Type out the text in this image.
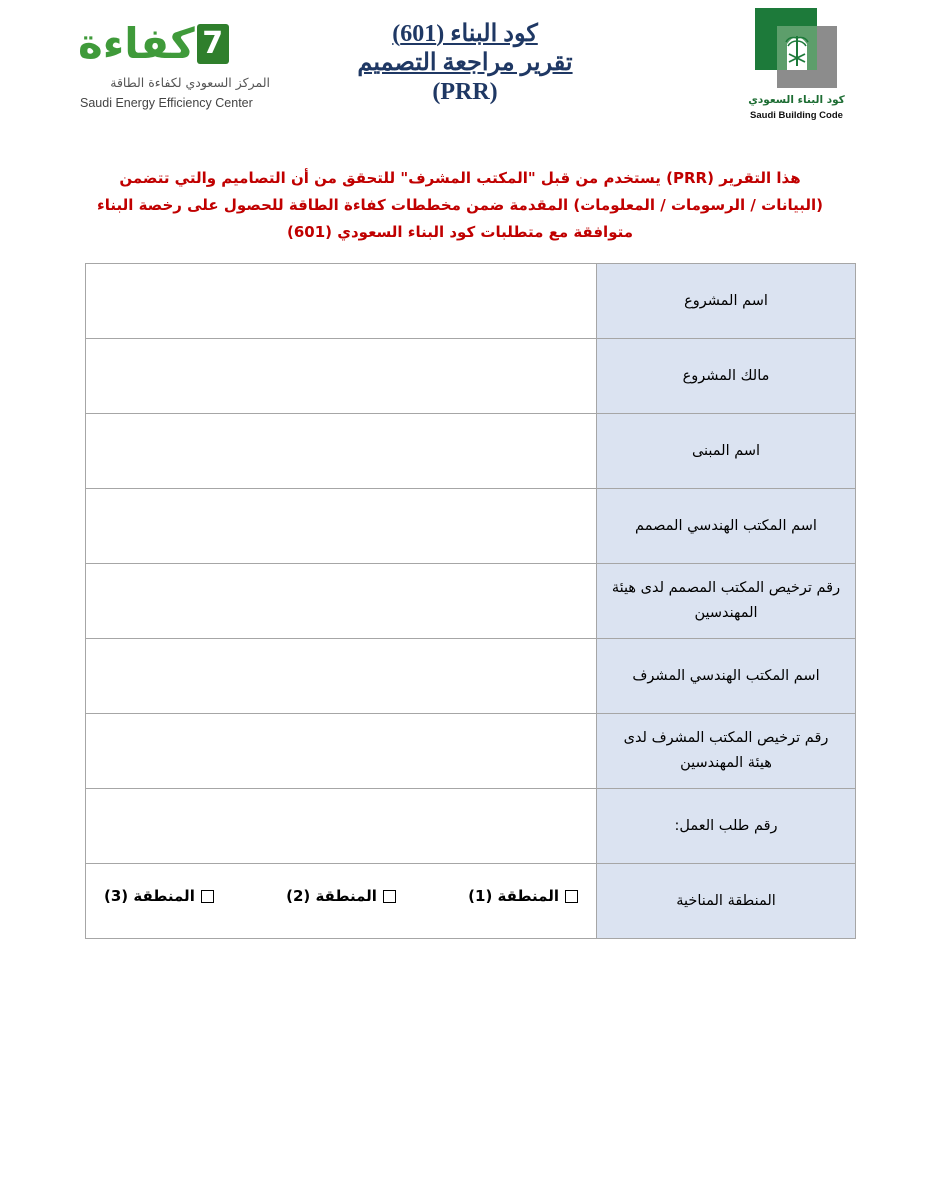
7
كفاءة
المركز السعودي لكفاءة الطاقة
Saudi Energy Efficiency Center
كود البناء (601)
تقرير مراجعة التصميم
(PRR)	كود البناء السعودي
Saudi Building Code
هذا التقرير (PRR) يستخدم من قبل "المكتب المشرف" للتحقق من أن التصاميم والتي تتضمن (البيانات / الرسومات / المعلومات) المقدمة ضمن مخططات كفاءة الطاقة للحصول على رخصة البناء متوافقة مع متطلبات كود البناء السعودي (601)
	اسم المشروع
	مالك المشروع
	اسم المبنى
	اسم المكتب الهندسي المصمم
	رقم ترخيص المكتب المصمم لدى هيئة المهندسين
	اسم المكتب الهندسي المشرف
	رقم ترخيص المكتب المشرف لدى هيئة المهندسين
	رقم طلب العمل:

المنطقة (1)
المنطقة (2)
المنطقة (3)	المنطقة المناخية
